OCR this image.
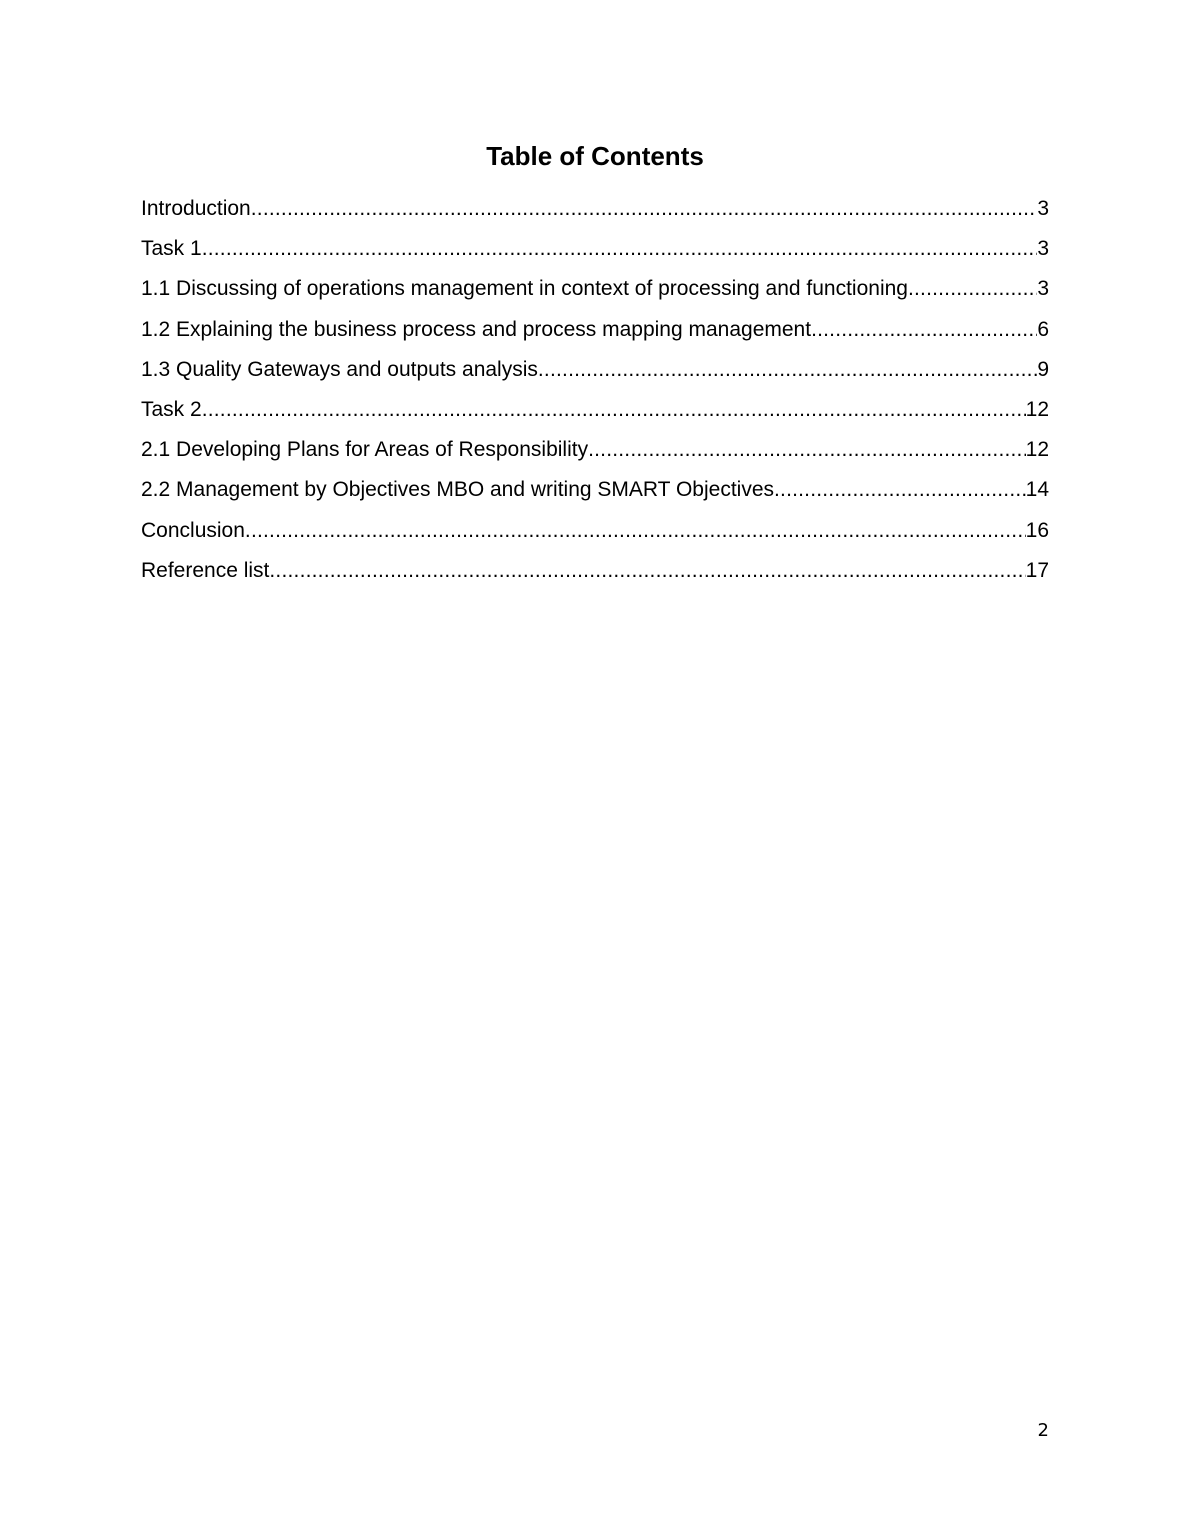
Table of Contents
Introduction .....	3
Task 1 .....	3
1.1 Discussing of operations management in context of processing and functioning .....	3
1.2 Explaining the business process and process mapping management .....	6
1.3 Quality Gateways and outputs analysis .....	9
Task 2 .....	12
2.1 Developing Plans for Areas of Responsibility .....	12
2.2 Management by Objectives MBO and writing SMART Objectives .....	14
Conclusion .....	16
Reference list .....	17
2
